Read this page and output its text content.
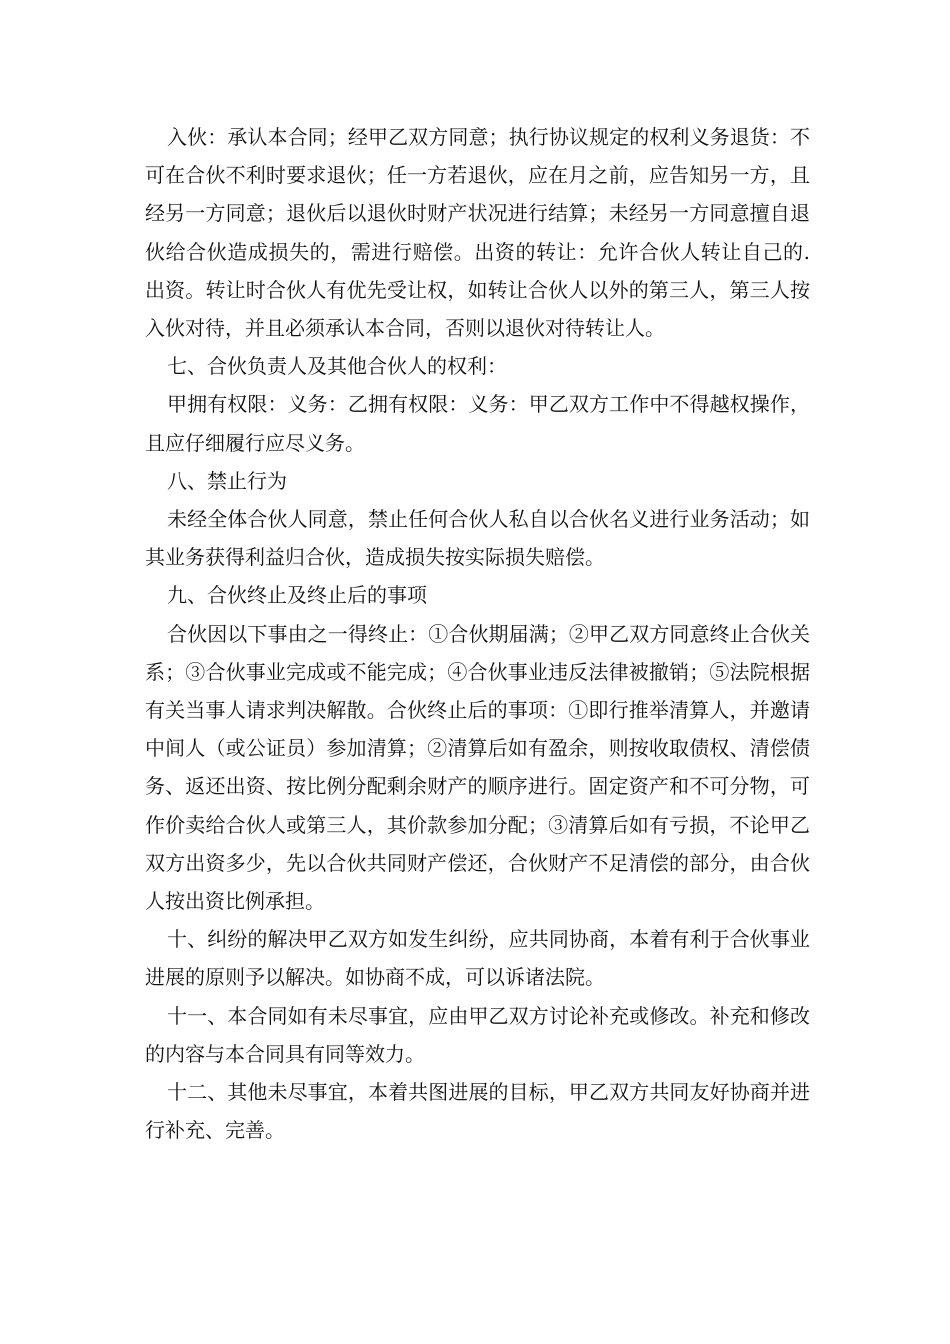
入伙：承认本合同；经甲乙双方同意；执行协议规定的权利义务退货：不可在合伙不利时要求退伙；任一方若退伙，应在月之前，应告知另一方，且经另一方同意；退伙后以退伙时财产状况进行结算；未经另一方同意擅自退伙给合伙造成损失的，需进行赔偿。出资的转让：允许合伙人转让自己的.出资。转让时合伙人有优先受让权，如转让合伙人以外的第三人，第三人按入伙对待，并且必须承认本合同，否则以退伙对待转让人。

七、合伙负责人及其他合伙人的权利：

甲拥有权限：义务：乙拥有权限：义务：甲乙双方工作中不得越权操作，且应仔细履行应尽义务。

八、禁止行为

未经全体合伙人同意，禁止任何合伙人私自以合伙名义进行业务活动；如其业务获得利益归合伙，造成损失按实际损失赔偿。

九、合伙终止及终止后的事项

合伙因以下事由之一得终止：①合伙期届满；②甲乙双方同意终止合伙关系；③合伙事业完成或不能完成；④合伙事业违反法律被撤销；⑤法院根据有关当事人请求判决解散。合伙终止后的事项：①即行推举清算人，并邀请中间人（或公证员）参加清算；②清算后如有盈余，则按收取债权、清偿债务、返还出资、按比例分配剩余财产的顺序进行。固定资产和不可分物，可作价卖给合伙人或第三人，其价款参加分配；③清算后如有亏损，不论甲乙双方出资多少，先以合伙共同财产偿还，合伙财产不足清偿的部分，由合伙人按出资比例承担。

十、纠纷的解决甲乙双方如发生纠纷，应共同协商，本着有利于合伙事业进展的原则予以解决。如协商不成，可以诉诸法院。

十一、本合同如有未尽事宜，应由甲乙双方讨论补充或修改。补充和修改的内容与本合同具有同等效力。

十二、其他未尽事宜，本着共图进展的目标，甲乙双方共同友好协商并进行补充、完善。
